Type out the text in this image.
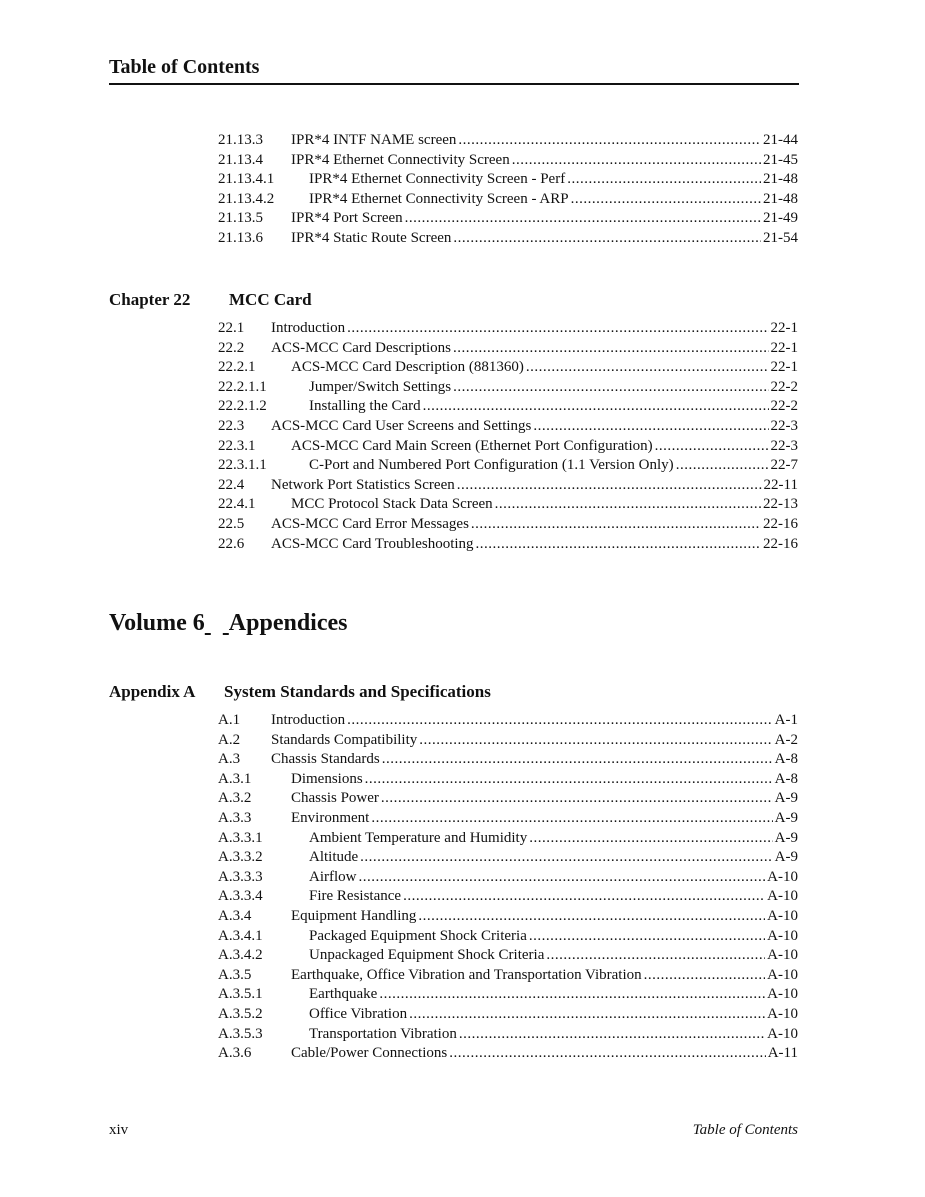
Table of Contents
21.13.3 IPR*4 INTF NAME screen .....	21-44
21.13.4 IPR*4 Ethernet Connectivity Screen .....	21-45
21.13.4.1 IPR*4 Ethernet Connectivity Screen - Perf .....	21-48
21.13.4.2 IPR*4 Ethernet Connectivity Screen - ARP .....	21-48
21.13.5 IPR*4 Port Screen .....	21-49
21.13.6 IPR*4 Static Route Screen .....	21-54
Chapter 22 MCC Card
22.1 Introduction .....	22-1
22.2 ACS-MCC Card Descriptions .....	22-1
22.2.1 ACS-MCC Card Description (881360) .....	22-1
22.2.1.1	Jumper/Switch Settings .....	22-2
22.2.1.2	Installing the Card .....	22-2
22.3 ACS-MCC Card User Screens and Settings .....	22-3
22.3.1 ACS-MCC Card Main Screen (Ethernet Port Configuration) .....	22-3
22.3.1.1	C-Port and Numbered Port Configuration (1.1 Version Only) .....	22-7
22.4 Network Port Statistics Screen .....	22-11
22.4.1 MCC Protocol Stack Data Screen .....	22-13
22.5 ACS-MCC Card Error Messages .....	22-16
22.6 ACS-MCC Card Troubleshooting .....	22-16
Volume 6 Appendices
Appendix A System Standards and Specifications
A.1 Introduction .....	A-1
A.2 Standards Compatibility .....	A-2
A.3 Chassis Standards .....	A-8
A.3.1	Dimensions .....	A-8
A.3.2	Chassis Power .....	A-9
A.3.3	Environment .....	A-9
A.3.3.1	Ambient Temperature and Humidity .....	A-9
A.3.3.2	Altitude .....	A-9
A.3.3.3	Airflow .....	A-10
A.3.3.4	Fire Resistance .....	A-10
A.3.4	Equipment Handling .....	A-10
A.3.4.1	Packaged Equipment Shock Criteria .....	A-10
A.3.4.2	Unpackaged Equipment Shock Criteria .....	A-10
A.3.5	Earthquake, Office Vibration and Transportation Vibration .....	A-10
A.3.5.1	Earthquake .....	A-10
A.3.5.2	Office Vibration .....	A-10
A.3.5.3	Transportation Vibration .....	A-10
A.3.6	Cable/Power Connections .....	A-11
xiv	Table of Contents
